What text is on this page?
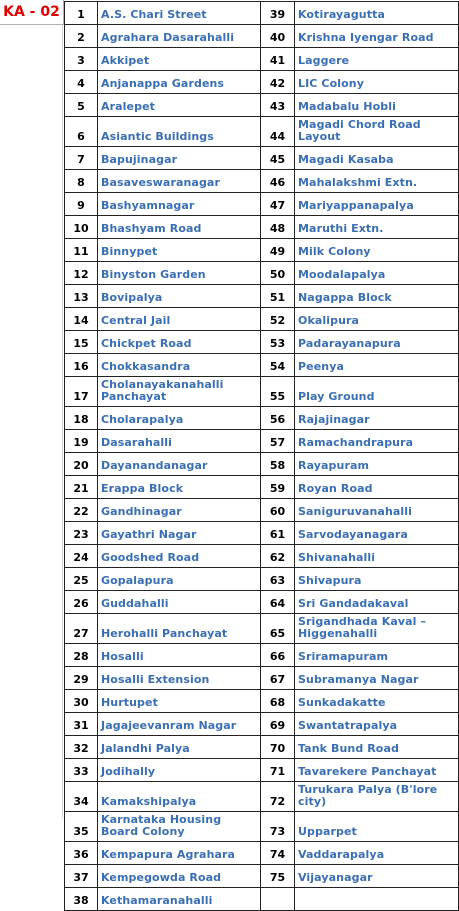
KA - 02	1	A.S. Chari Street	39	Kotirayagutta
2	Agrahara Dasarahalli	40	Krishna Iyengar Road
3	Akkipet	41	Laggere
4	Anjanappa Gardens	42	LIC Colony
5	Aralepet	43	Madabalu Hobli
6	Asiantic Buildings	44	Magadi Chord Road Layout
7	Bapujinagar	45	Magadi Kasaba
8	Basaveswaranagar	46	Mahalakshmi Extn.
9	Bashyamnagar	47	Mariyappanapalya
10	Bhashyam Road	48	Maruthi Extn.
11	Binnypet	49	Milk Colony
12	Binyston Garden	50	Moodalapalya
13	Bovipalya	51	Nagappa Block
14	Central Jail	52	Okalipura
15	Chickpet Road	53	Padarayanapura
16	Chokkasandra	54	Peenya
17	Cholanayakanahalli Panchayat	55	Play Ground
18	Cholarapalya	56	Rajajinagar
19	Dasarahalli	57	Ramachandrapura
20	Dayanandanagar	58	Rayapuram
21	Erappa Block	59	Royan Road
22	Gandhinagar	60	Saniguruvanahalli
23	Gayathri Nagar	61	Sarvodayanagara
24	Goodshed Road	62	Shivanahalli
25	Gopalapura	63	Shivapura
26	Guddahalli	64	Sri Gandadakaval
27	Herohalli Panchayat	65	Srigandhada Kaval – Higgenahalli
28	Hosalli	66	Sriramapuram
29	Hosalli Extension	67	Subramanya Nagar
30	Hurtupet	68	Sunkadakatte
31	Jagajeevanram Nagar	69	Swantatrapalya
32	Jalandhi Palya	70	Tank Bund Road
33	Jodihally	71	Tavarekere Panchayat
34	Kamakshipalya	72	Turukara Palya (B'lore city)
35	Karnataka Housing Board Colony	73	Upparpet
36	Kempapura Agrahara	74	Vaddarapalya
37	Kempegowda Road	75	Vijayanagar
38	Kethamaranahalli		
